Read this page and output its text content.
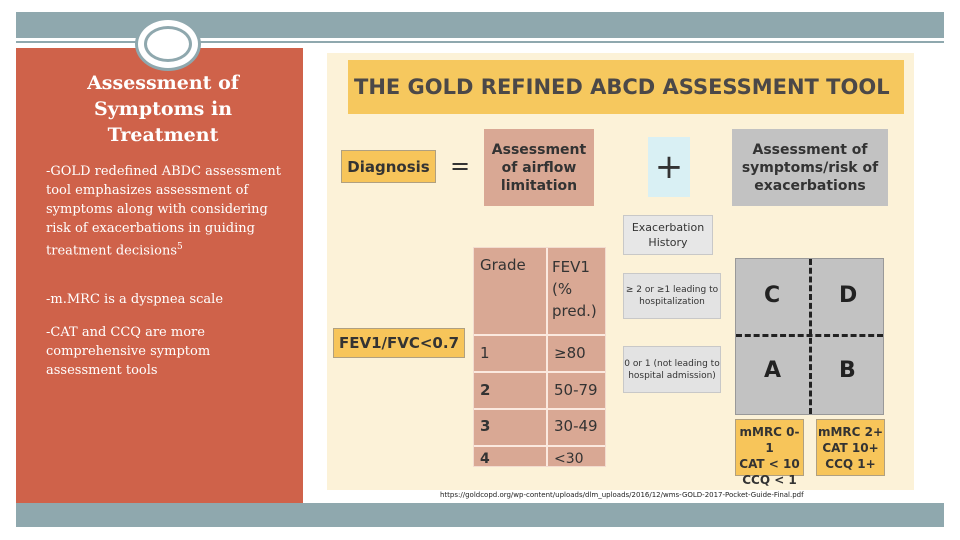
Assessment of Symptoms in Treatment
-GOLD redefined ABDC assessment tool emphasizes assessment of symptoms along with considering risk of exacerbations in guiding treatment decisions$^5$
-m.MRC is a dyspnea scale
-CAT and CCQ are more comprehensive symptom assessment tools
THE GOLD REFINED ABCD ASSESSMENT TOOL
Diagnosis =
Assessment of airflow limitation	+	Assessment of symptoms/risk of exacerbations
FEV1/FVC<0.7
Exacerbation History
≥ 2 or ≥1 leading to hospitalization
0 or 1 (not leading to hospital admission)
Grade FEV1 (% pred.)
1	≥80
2	50-79
3	30-49
4	<30
C	D
A	B
mMRC 0-1
CAT < 10
CCQ < 1
mMRC 2+
CAT 10+
CCQ 1+
https://goldcopd.org/wp-content/uploads/dlm_uploads/2016/12/wms-GOLD-2017-Pocket-Guide-Final.pdf
